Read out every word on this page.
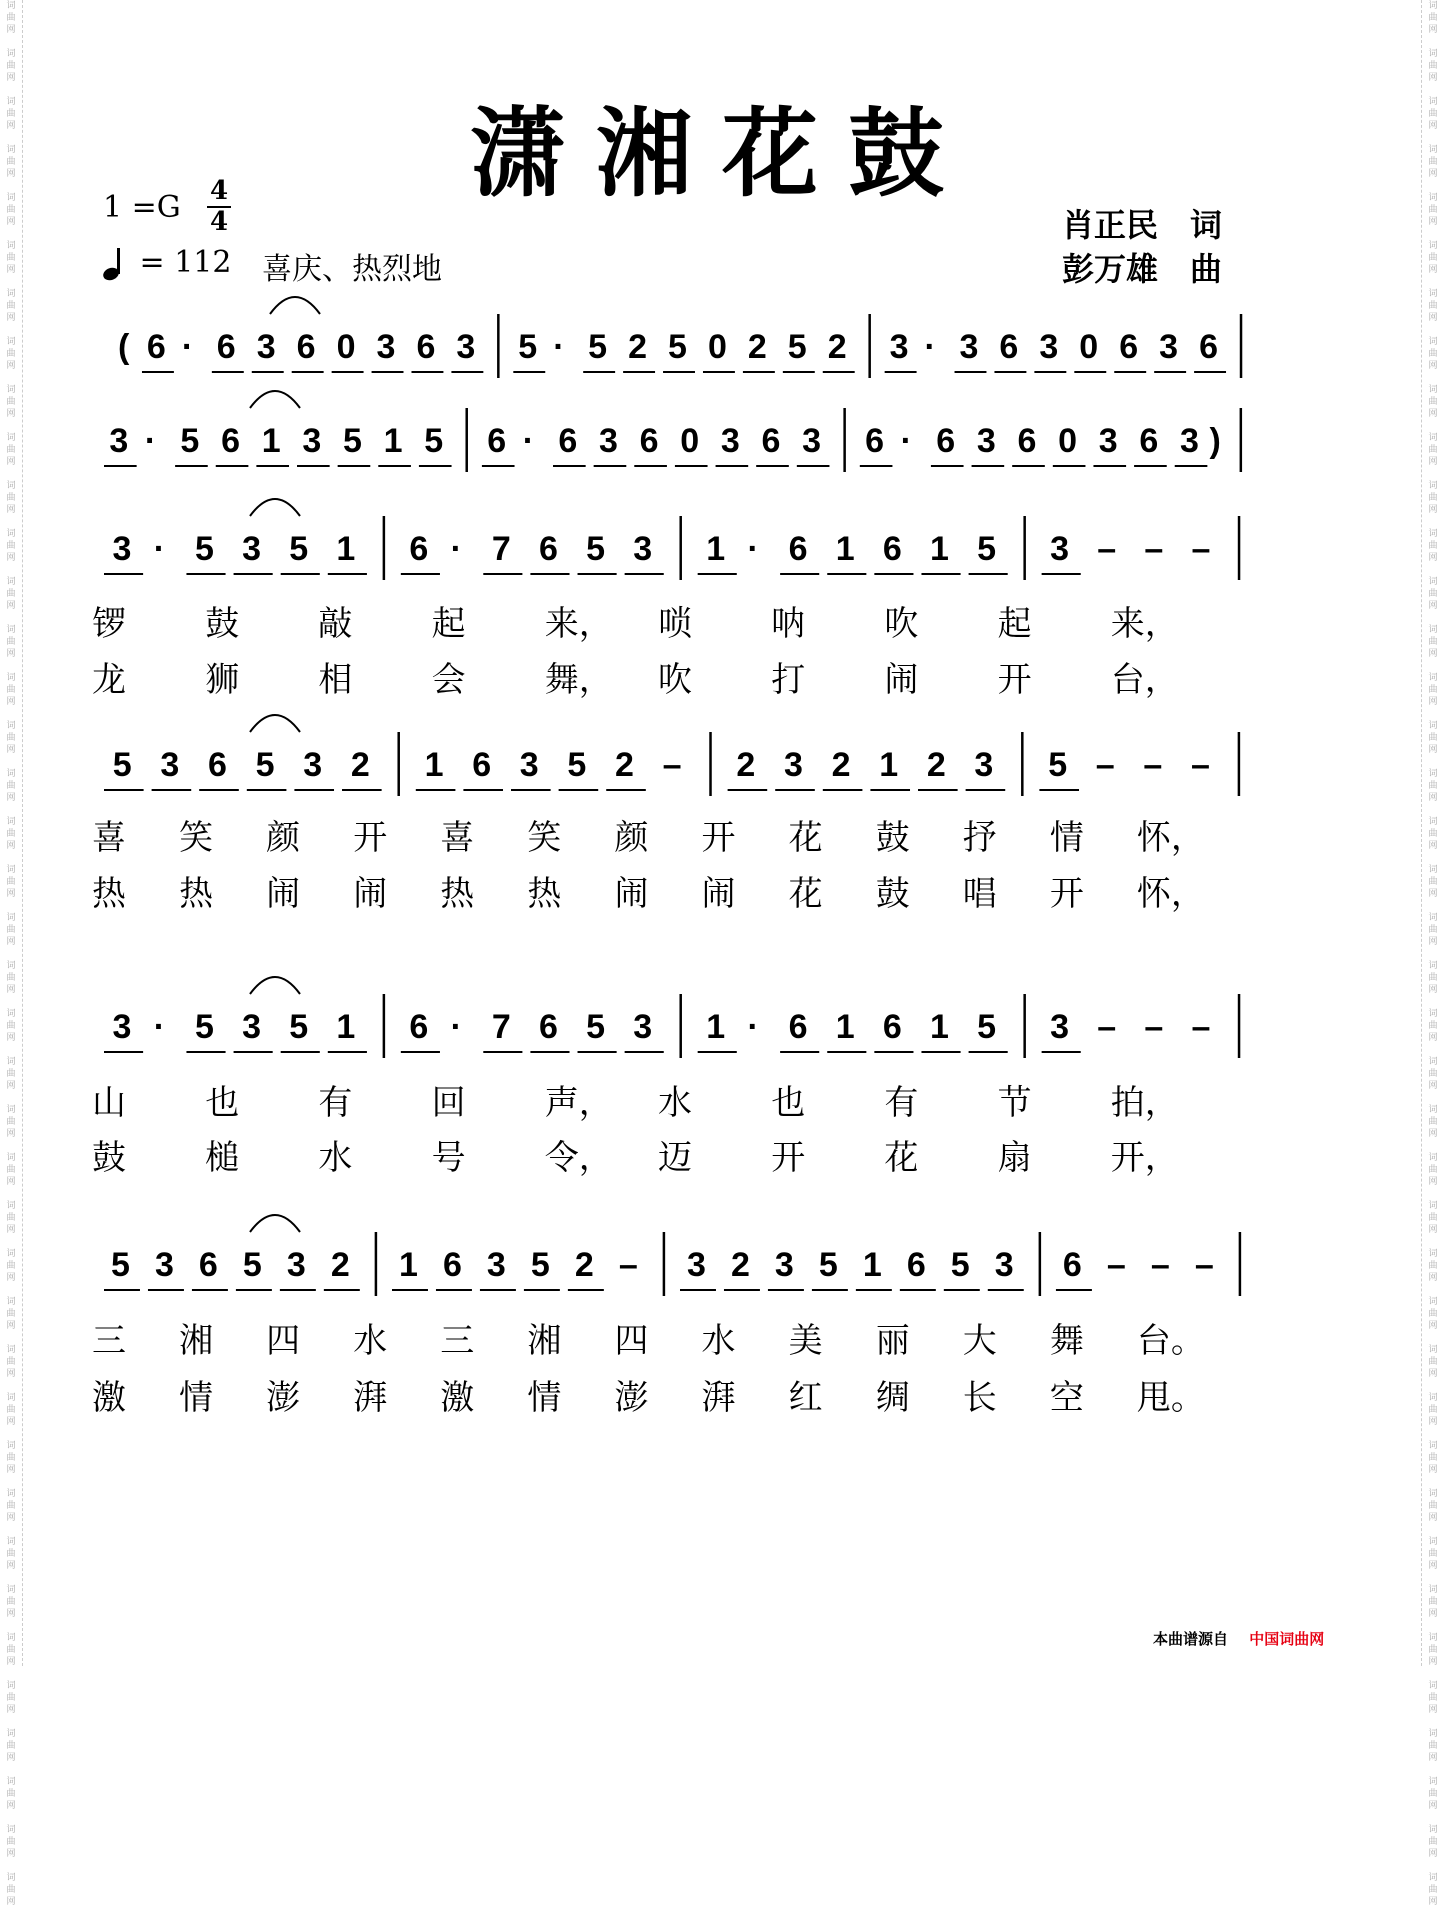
词
曲
网

词
曲
网

词
曲
网

词
曲
网

词
曲
网

词
曲
网

词
曲
网

词
曲
网

词
曲
网

词
曲
网

词
曲
网

词
曲
网

词
曲
网

词
曲
网

词
曲
网

词
曲
网

词
曲
网

词
曲
网

词
曲
网

词
曲
网

词
曲
网

词
曲
网

词
曲
网

词
曲
网

词
曲
网

词
曲
网

词
曲
网

词
曲
网

词
曲
网

词
曲
网

词
曲
网

词
曲
网

词
曲
网

词
曲
网

词
曲
网

词
曲
网

词
曲
网

词
曲
网

词
曲
网

词
曲
网

词
曲
网

词
曲
网

词
曲
网

词
曲
网

词
曲
网

词
曲
网

词
曲
网

词
曲
网

词
曲
网

词
曲
网

词
曲
网

词
曲
网

词
曲
网

词
曲
网

词
曲
网

词
曲
网

词
曲
网

词
曲
网

词
曲
网

词
曲
网

词
曲
网

词
曲
网

词
曲
网

词
曲
网

词
曲
网

词
曲
网

词
曲
网

词
曲
网

词
曲
网

词
曲
网

词
曲
网

词
曲
网

词
曲
网

词
曲
网

词
曲
网

词
曲
网

词
曲
网

词
曲
网

词
曲
网

词
曲
网

潇湘花鼓
1 =G 4
4
= 112 喜庆、热烈地
肖正民　词
彭万雄　曲
( 6 · 6 3 6 0 3 6 3 5 · 5 2 5 0 2 5 2 3 · 3 6 3 0 6 3 6
3 · 5 6 1 3 5 1 5 6 · 6 3 6 0 3 6 3 6 · 6 3 6 0 3 6 3 )
3 · 5 3 5 1 6 · 7 6 5 3 1 · 6 1 6 1 5 3 – – –
5 3 6 5 3 2 1 6 3 5 2 – 2 3 2 1 2 3 5 – – –
3 · 5 3 5 1 6 · 7 6 5 3 1 · 6 1 6 1 5 3 – – –
5 3 6 5 3 2 1 6 3 5 2 – 3 2 3 5 1 6 5 3 6 – – –
锣 鼓 敲 起 来， 唢 呐 吹 起 来，
龙 狮 相 会 舞， 吹 打 闹 开 台，
喜 笑 颜 开 喜 笑 颜 开 花 鼓 抒 情 怀，
热 热 闹 闹 热 热 闹 闹 花 鼓 唱 开 怀，
山 也 有 回 声， 水 也 有 节 拍，
鼓 槌 水 号 令， 迈 开 花 扇 开，
三 湘 四 水 三 湘 四 水 美 丽 大 舞 台。
激 情 澎 湃 激 情 澎 湃 红 绸 长 空 甩。
本曲谱源自 中国词曲网
